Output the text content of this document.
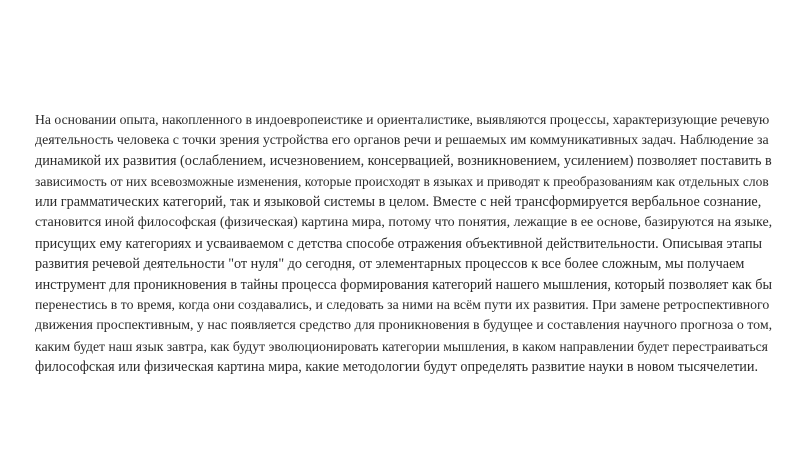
На основании опыта, накопленного в индоевропеистике и ориенталистике, выявляются процессы, характеризующие речевую
деятельность человека с точки зрения устройства его органов речи и решаемых им коммуникативных задач. Наблюдение за
динамикой их развития (ослаблением, исчезновением, консервацией, возникновением, усилением) позволяет поставить в
зависимость от них всевозможные изменения, которые происходят в языках и приводят к преобразованиям как отдельных слов
или грамматических категорий, так и языковой системы в целом. Вместе с ней трансформируется вербальное сознание,
становится иной философская (физическая) картина мира, потому что понятия, лежащие в ее основе, базируются на языке,
присущих ему категориях и усваиваемом с детства способе отражения объективной действительности. Описывая этапы
развития речевой деятельности "от нуля" до сегодня, от элементарных процессов к все более сложным, мы получаем
инструмент для проникновения в тайны процесса формирования категорий нашего мышления, который позволяет как бы
перенестись в то время, когда они создавались, и следовать за ними на всём пути их развития. При замене ретроспективного
движения проспективным, у нас появляется средство для проникновения в будущее и составления научного прогноза о том,
каким будет наш язык завтра, как будут эволюционировать категории мышления, в каком направлении будет перестраиваться
философская или физическая картина мира, какие методологии будут определять развитие науки в новом тысячелетии.
